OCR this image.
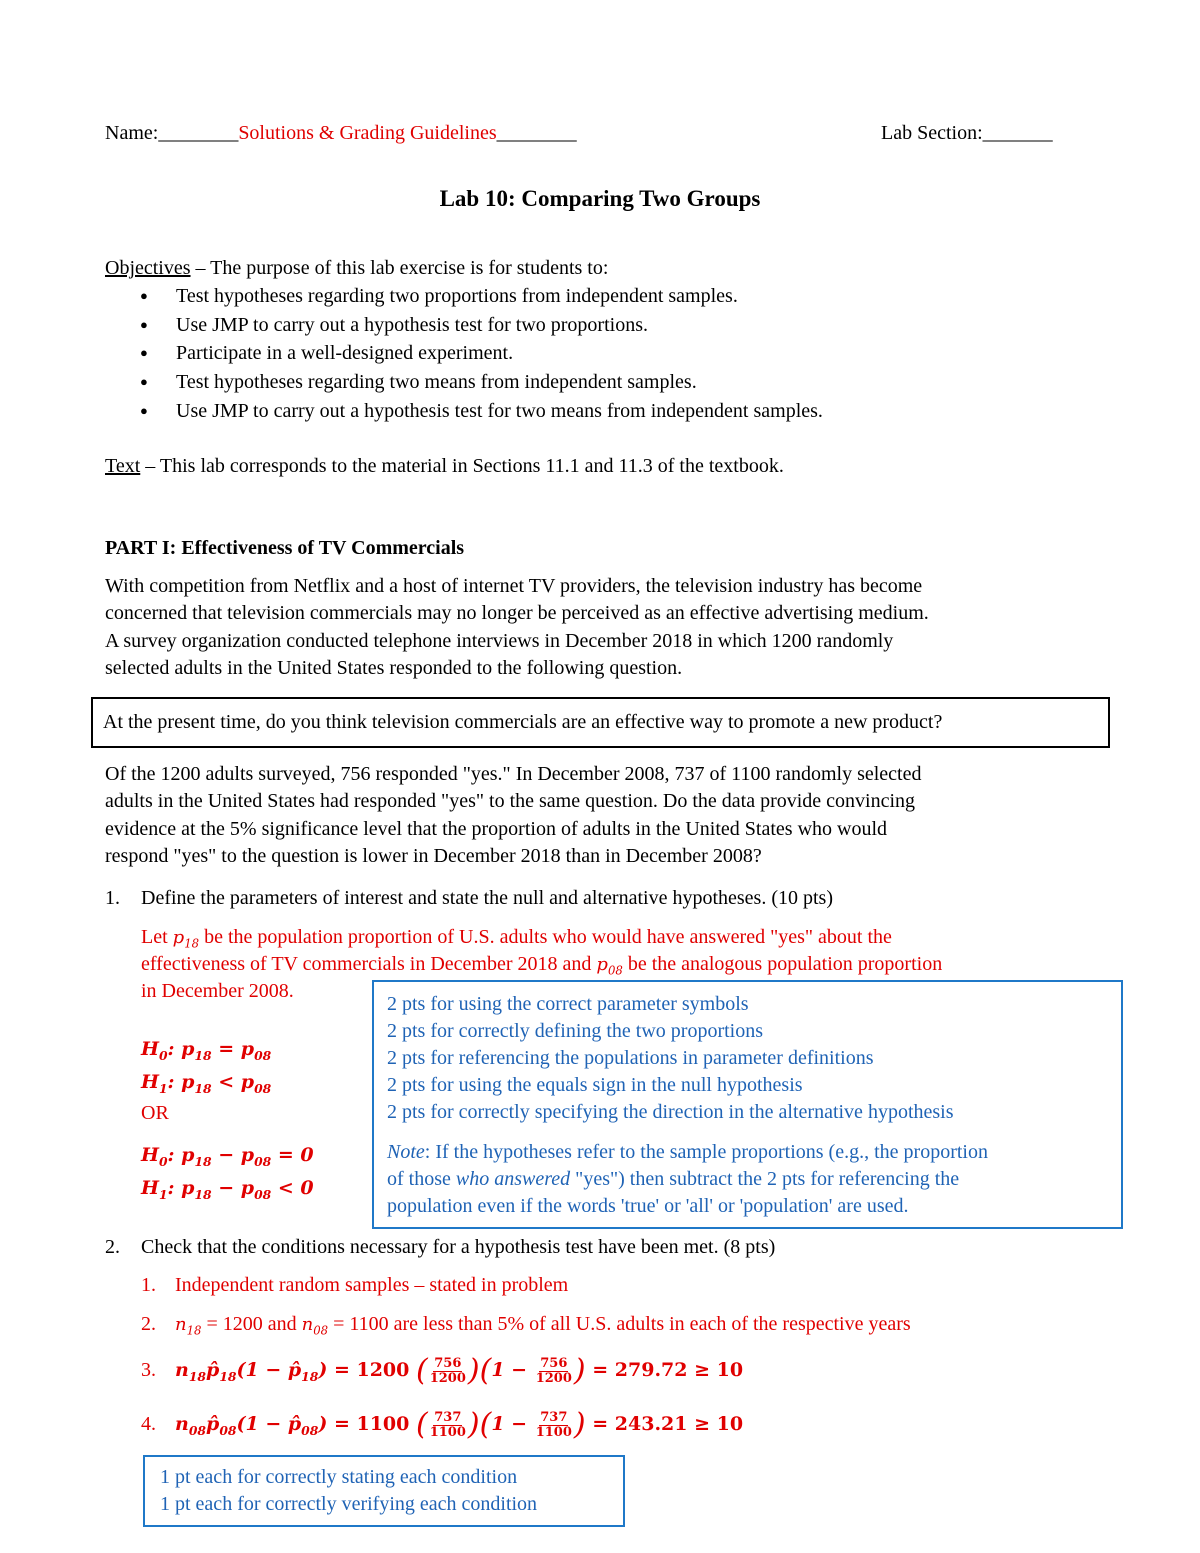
Name:________Solutions & Grading Guidelines________	Lab Section:_______
Lab 10: Comparing Two Groups
Objectives – The purpose of this lab exercise is for students to:
● Test hypotheses regarding two proportions from independent samples.
● Use JMP to carry out a hypothesis test for two proportions.
● Participate in a well-designed experiment.
● Test hypotheses regarding two means from independent samples.
● Use JMP to carry out a hypothesis test for two means from independent samples.
Text – This lab corresponds to the material in Sections 11.1 and 11.3 of the textbook.
PART I: Effectiveness of TV Commercials
With competition from Netflix and a host of internet TV providers, the television industry has become
concerned that television commercials may no longer be perceived as an effective advertising medium.
A survey organization conducted telephone interviews in December 2018 in which 1200 randomly
selected adults in the United States responded to the following question.
At the present time, do you think television commercials are an effective way to promote a new product?
Of the 1200 adults surveyed, 756 responded "yes." In December 2008, 737 of 1100 randomly selected
adults in the United States had responded "yes" to the same question. Do the data provide convincing
evidence at the 5% significance level that the proportion of adults in the United States who would
respond "yes" to the question is lower in December 2018 than in December 2008?
1. Define the parameters of interest and state the null and alternative hypotheses. (10 pts)
Let $p_{18}$ be the population proportion of U.S. adults who would have answered "yes" about the
effectiveness of TV commercials in December 2018 and $p_{08}$ be the analogous population proportion
in December 2008.
$H_0$: $p_{18} = p_{08}$
$H_1$: $p_{18} < p_{08}$
OR
$H_0$: $p_{18} - p_{08} = 0$
$H_1$: $p_{18} - p_{08} < 0$
2 pts for using the correct parameter symbols
2 pts for correctly defining the two proportions
2 pts for referencing the populations in parameter definitions
2 pts for using the equals sign in the null hypothesis
2 pts for correctly specifying the direction in the alternative hypothesis
Note: If the hypotheses refer to the sample proportions (e.g., the proportion
of those who answered "yes") then subtract the 2 pts for referencing the
population even if the words 'true' or 'all' or 'population' are used.
2. Check that the conditions necessary for a hypothesis test have been met. (8 pts)
1. Independent random samples – stated in problem
2. $n_{18} = 1200$ and $n_{08} = 1100$ are less than 5% of all U.S. adults in each of the respective years
3. $n_{18}p̂_{18}(1$ − $p̂_{18}) = 1200$ ( $\frac{756}{1200} )(1 - \frac{756}{1200}$ ) = 279.72 ≥ 10
4. $n_{08}p̂_{08}(1$ − $p̂_{08}) = 1100$ ( $\frac{737}{1100} )(1 - \frac{737}{1100}$ ) = 243.21 ≥ 10
1 pt each for correctly stating each condition
1 pt each for correctly verifying each condition
